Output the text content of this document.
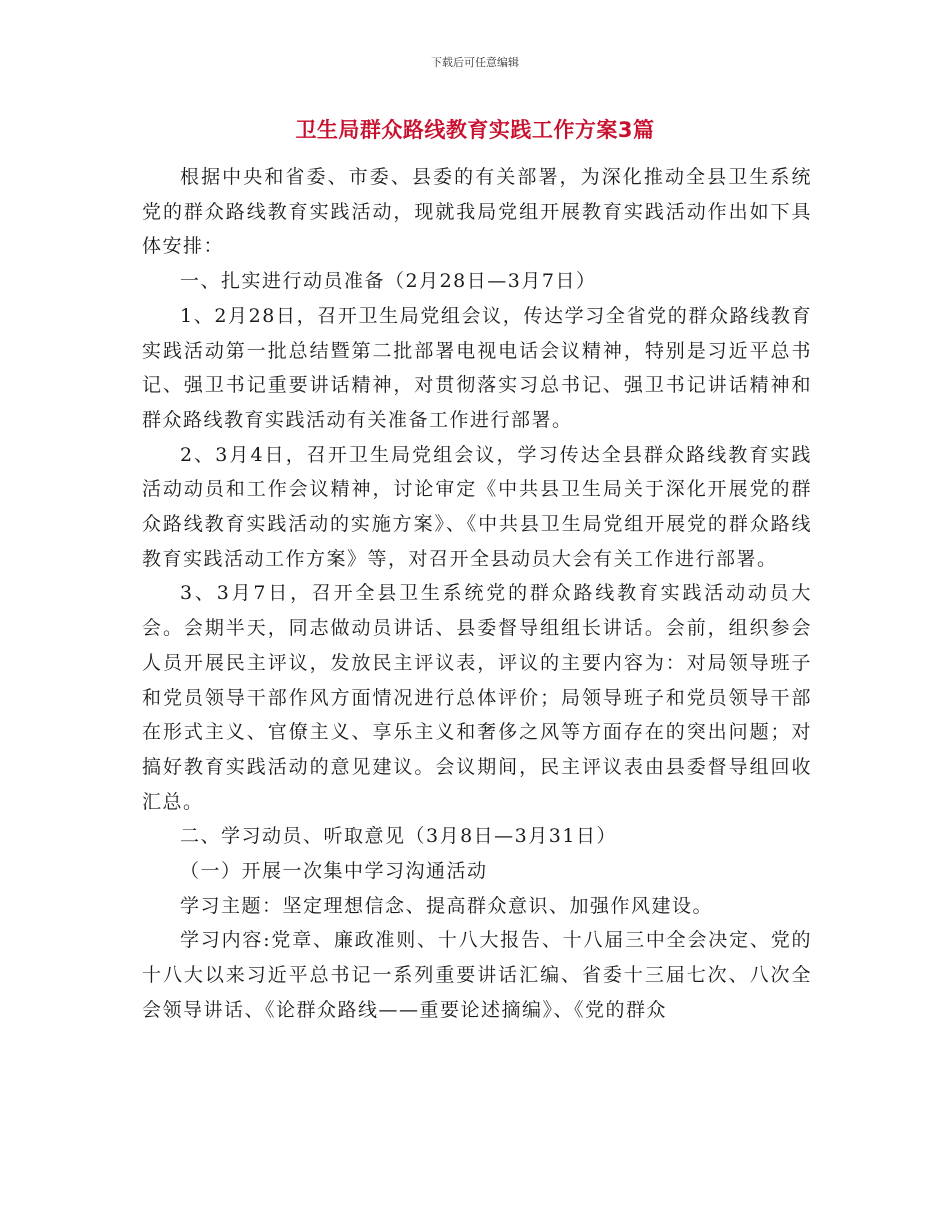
下载后可任意编辑
卫生局群众路线教育实践工作方案3篇

根据中央和省委、市委、县委的有关部署，为深化推动全县卫生系统党的群众路线教育实践活动，现就我局党组开展教育实践活动作出如下具体安排：

一、扎实进行动员准备（2月28日—3月7日）

1、2月28日，召开卫生局党组会议，传达学习全省党的群众路线教育实践活动第一批总结暨第二批部署电视电话会议精神，特别是习近平总书记、强卫书记重要讲话精神，对贯彻落实习总书记、强卫书记讲话精神和群众路线教育实践活动有关准备工作进行部署。

2、3月4日，召开卫生局党组会议，学习传达全县群众路线教育实践活动动员和工作会议精神，讨论审定《中共县卫生局关于深化开展党的群众路线教育实践活动的实施方案》、《中共县卫生局党组开展党的群众路线教育实践活动工作方案》等，对召开全县动员大会有关工作进行部署。

3、3月7日，召开全县卫生系统党的群众路线教育实践活动动员大会。会期半天，同志做动员讲话、县委督导组组长讲话。会前，组织参会人员开展民主评议，发放民主评议表，评议的主要内容为：对局领导班子和党员领导干部作风方面情况进行总体评价；局领导班子和党员领导干部在形式主义、官僚主义、享乐主义和奢侈之风等方面存在的突出问题；对搞好教育实践活动的意见建议。会议期间，民主评议表由县委督导组回收汇总。

二、学习动员、听取意见（3月8日—3月31日）

（一）开展一次集中学习沟通活动

学习主题：坚定理想信念、提高群众意识、加强作风建设。

学习内容:党章、廉政准则、十八大报告、十八届三中全会决定、党的十八大以来习近平总书记一系列重要讲话汇编、省委十三届七次、八次全会领导讲话、《论群众路线——重要论述摘编》、《党的群众
